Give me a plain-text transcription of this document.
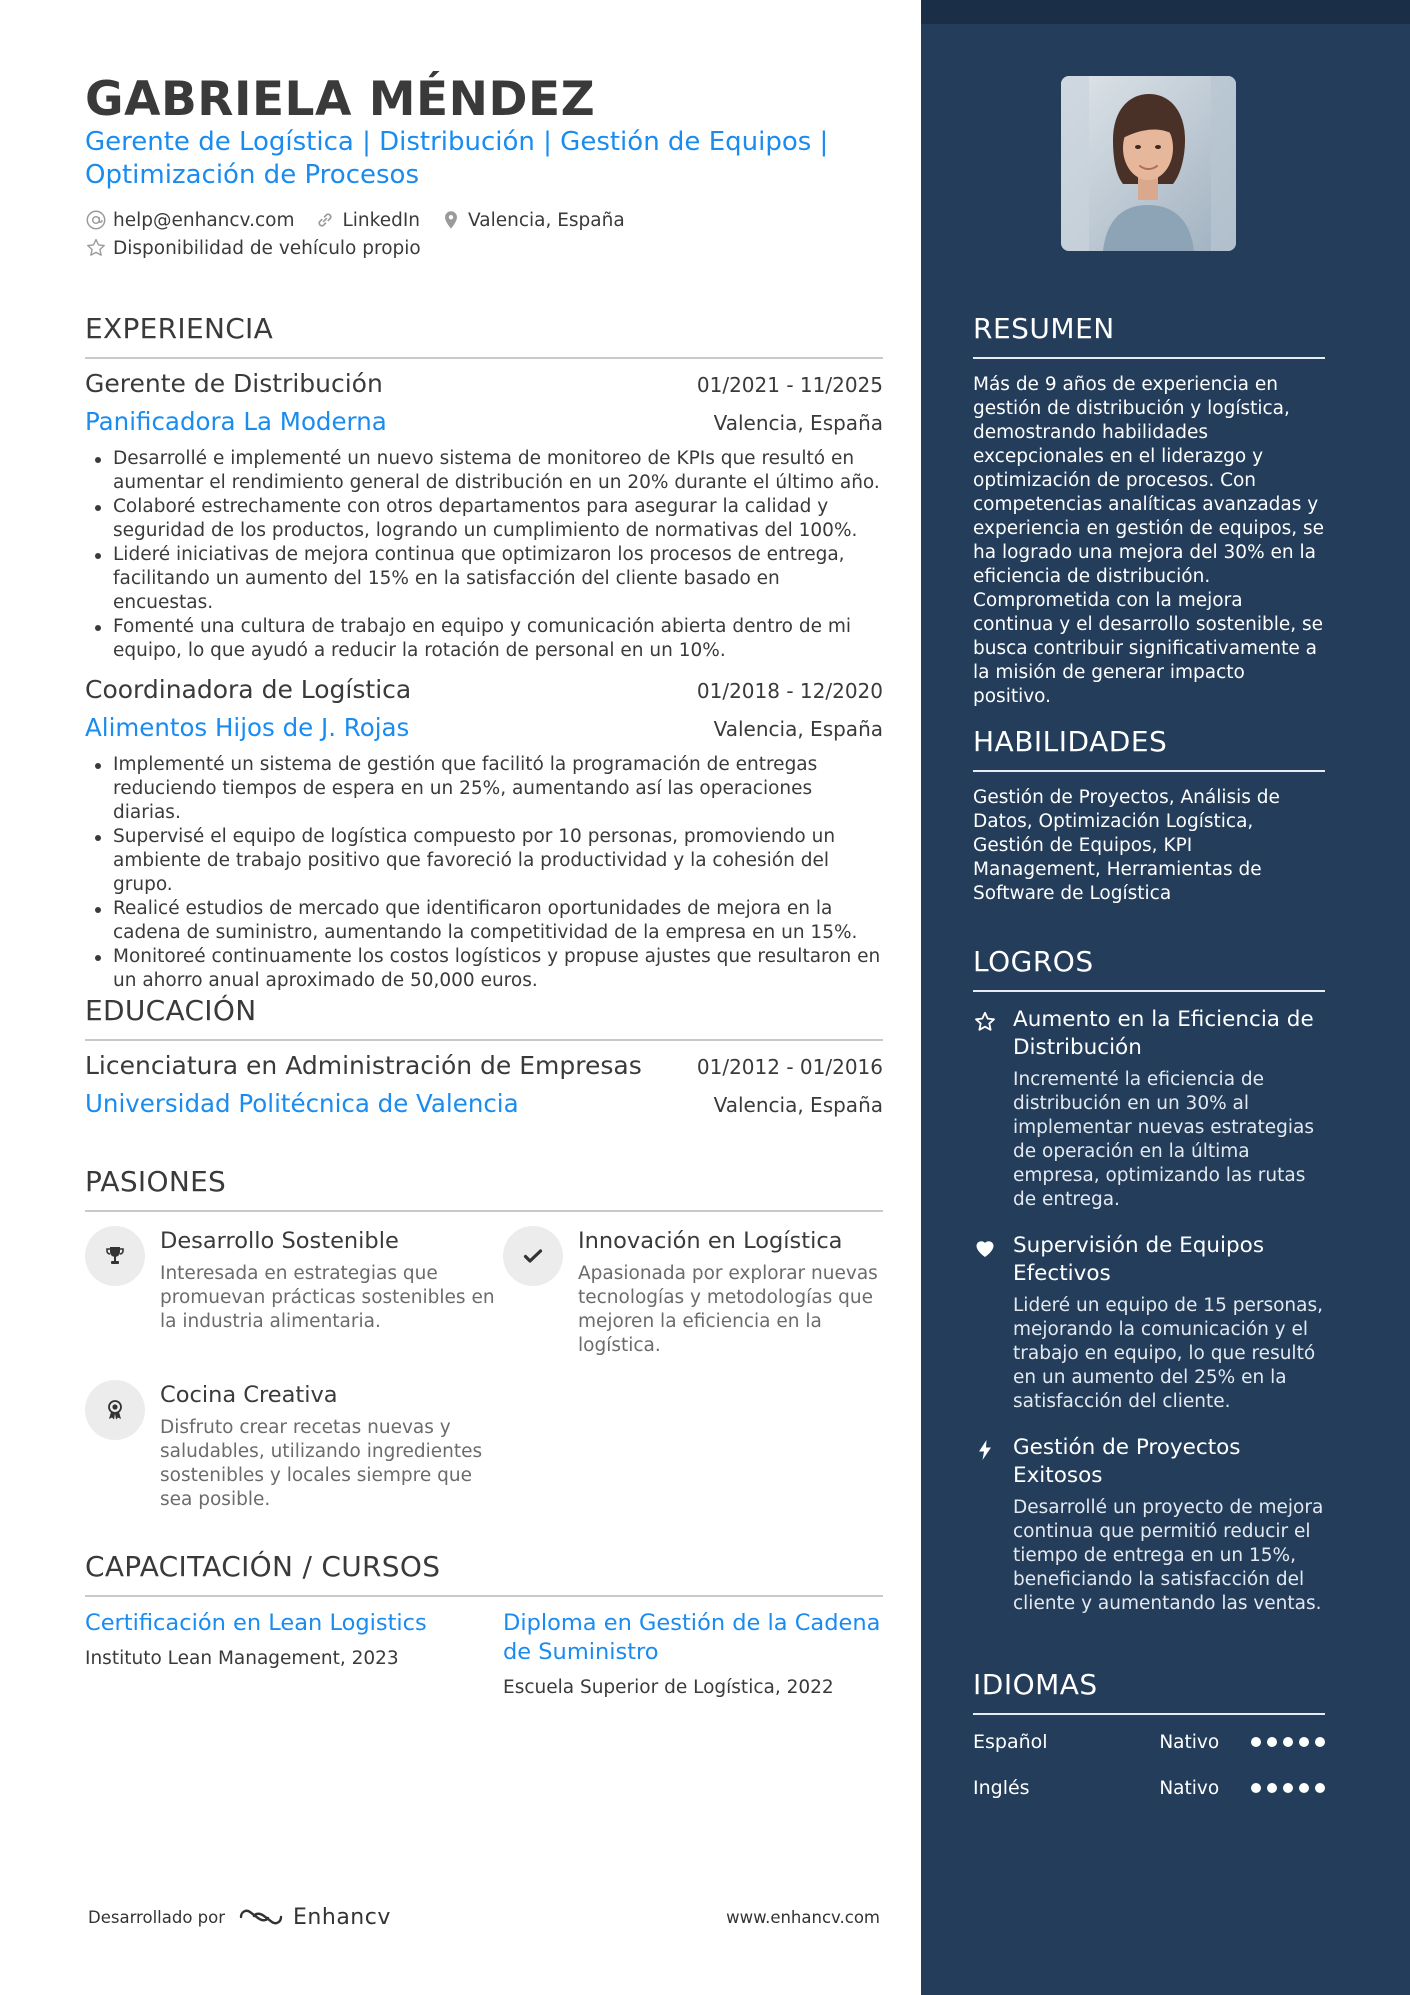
GABRIELA MÉNDEZ
Gerente de Logística | Distribución | Gestión de Equipos | Optimización de Procesos
help@enhancv.com	LinkedIn	Valencia, España
Disponibilidad de vehículo propio
EXPERIENCIA
Gerente de Distribución	01/2021 - 11/2025
Panificadora La Moderna	Valencia, España
Desarrollé e implementé un nuevo sistema de monitoreo de KPIs que resultó en aumentar el rendimiento general de distribución en un 20% durante el último año.
Colaboré estrechamente con otros departamentos para asegurar la calidad y seguridad de los productos, logrando un cumplimiento de normativas del 100%.
Lideré iniciativas de mejora continua que optimizaron los procesos de entrega, facilitando un aumento del 15% en la satisfacción del cliente basado en encuestas.
Fomenté una cultura de trabajo en equipo y comunicación abierta dentro de mi equipo, lo que ayudó a reducir la rotación de personal en un 10%.
Coordinadora de Logística	01/2018 - 12/2020
Alimentos Hijos de J. Rojas	Valencia, España
Implementé un sistema de gestión que facilitó la programación de entregas reduciendo tiempos de espera en un 25%, aumentando así las operaciones diarias.
Supervisé el equipo de logística compuesto por 10 personas, promoviendo un ambiente de trabajo positivo que favoreció la productividad y la cohesión del grupo.
Realicé estudios de mercado que identificaron oportunidades de mejora en la cadena de suministro, aumentando la competitividad de la empresa en un 15%.
Monitoreé continuamente los costos logísticos y propuse ajustes que resultaron en un ahorro anual aproximado de 50,000 euros.
EDUCACIÓN
Licenciatura en Administración de Empresas	01/2012 - 01/2016
Universidad Politécnica de Valencia	Valencia, España
PASIONES
Desarrollo Sostenible
Interesada en estrategias que promuevan prácticas sostenibles en la industria alimentaria.
Innovación en Logística
Apasionada por explorar nuevas tecnologías y metodologías que mejoren la eficiencia en la logística.
Cocina Creativa
Disfruto crear recetas nuevas y saludables, utilizando ingredientes sostenibles y locales siempre que sea posible.
CAPACITACIÓN / CURSOS
Certificación en Lean Logistics
Instituto Lean Management, 2023
Diploma en Gestión de la Cadena de Suministro
Escuela Superior de Logística, 2022
Desarrollado por	Enhancv	www.enhancv.com
RESUMEN
Más de 9 años de experiencia en gestión de distribución y logística, demostrando habilidades excepcionales en el liderazgo y optimización de procesos. Con competencias analíticas avanzadas y experiencia en gestión de equipos, se ha logrado una mejora del 30% en la eficiencia de distribución. Comprometida con la mejora continua y el desarrollo sostenible, se busca contribuir significativamente a la misión de generar impacto positivo.
HABILIDADES
Gestión de Proyectos, Análisis de Datos, Optimización Logística, Gestión de Equipos, KPI Management, Herramientas de Software de Logística
LOGROS
Aumento en la Eficiencia de Distribución
Incrementé la eficiencia de distribución en un 30% al implementar nuevas estrategias de operación en la última empresa, optimizando las rutas de entrega.
Supervisión de Equipos Efectivos
Lideré un equipo de 15 personas, mejorando la comunicación y el trabajo en equipo, lo que resultó en un aumento del 25% en la satisfacción del cliente.
Gestión de Proyectos Exitosos
Desarrollé un proyecto de mejora continua que permitió reducir el tiempo de entrega en un 15%, beneficiando la satisfacción del cliente y aumentando las ventas.
IDIOMAS
Español	Nativo
Inglés	Nativo
